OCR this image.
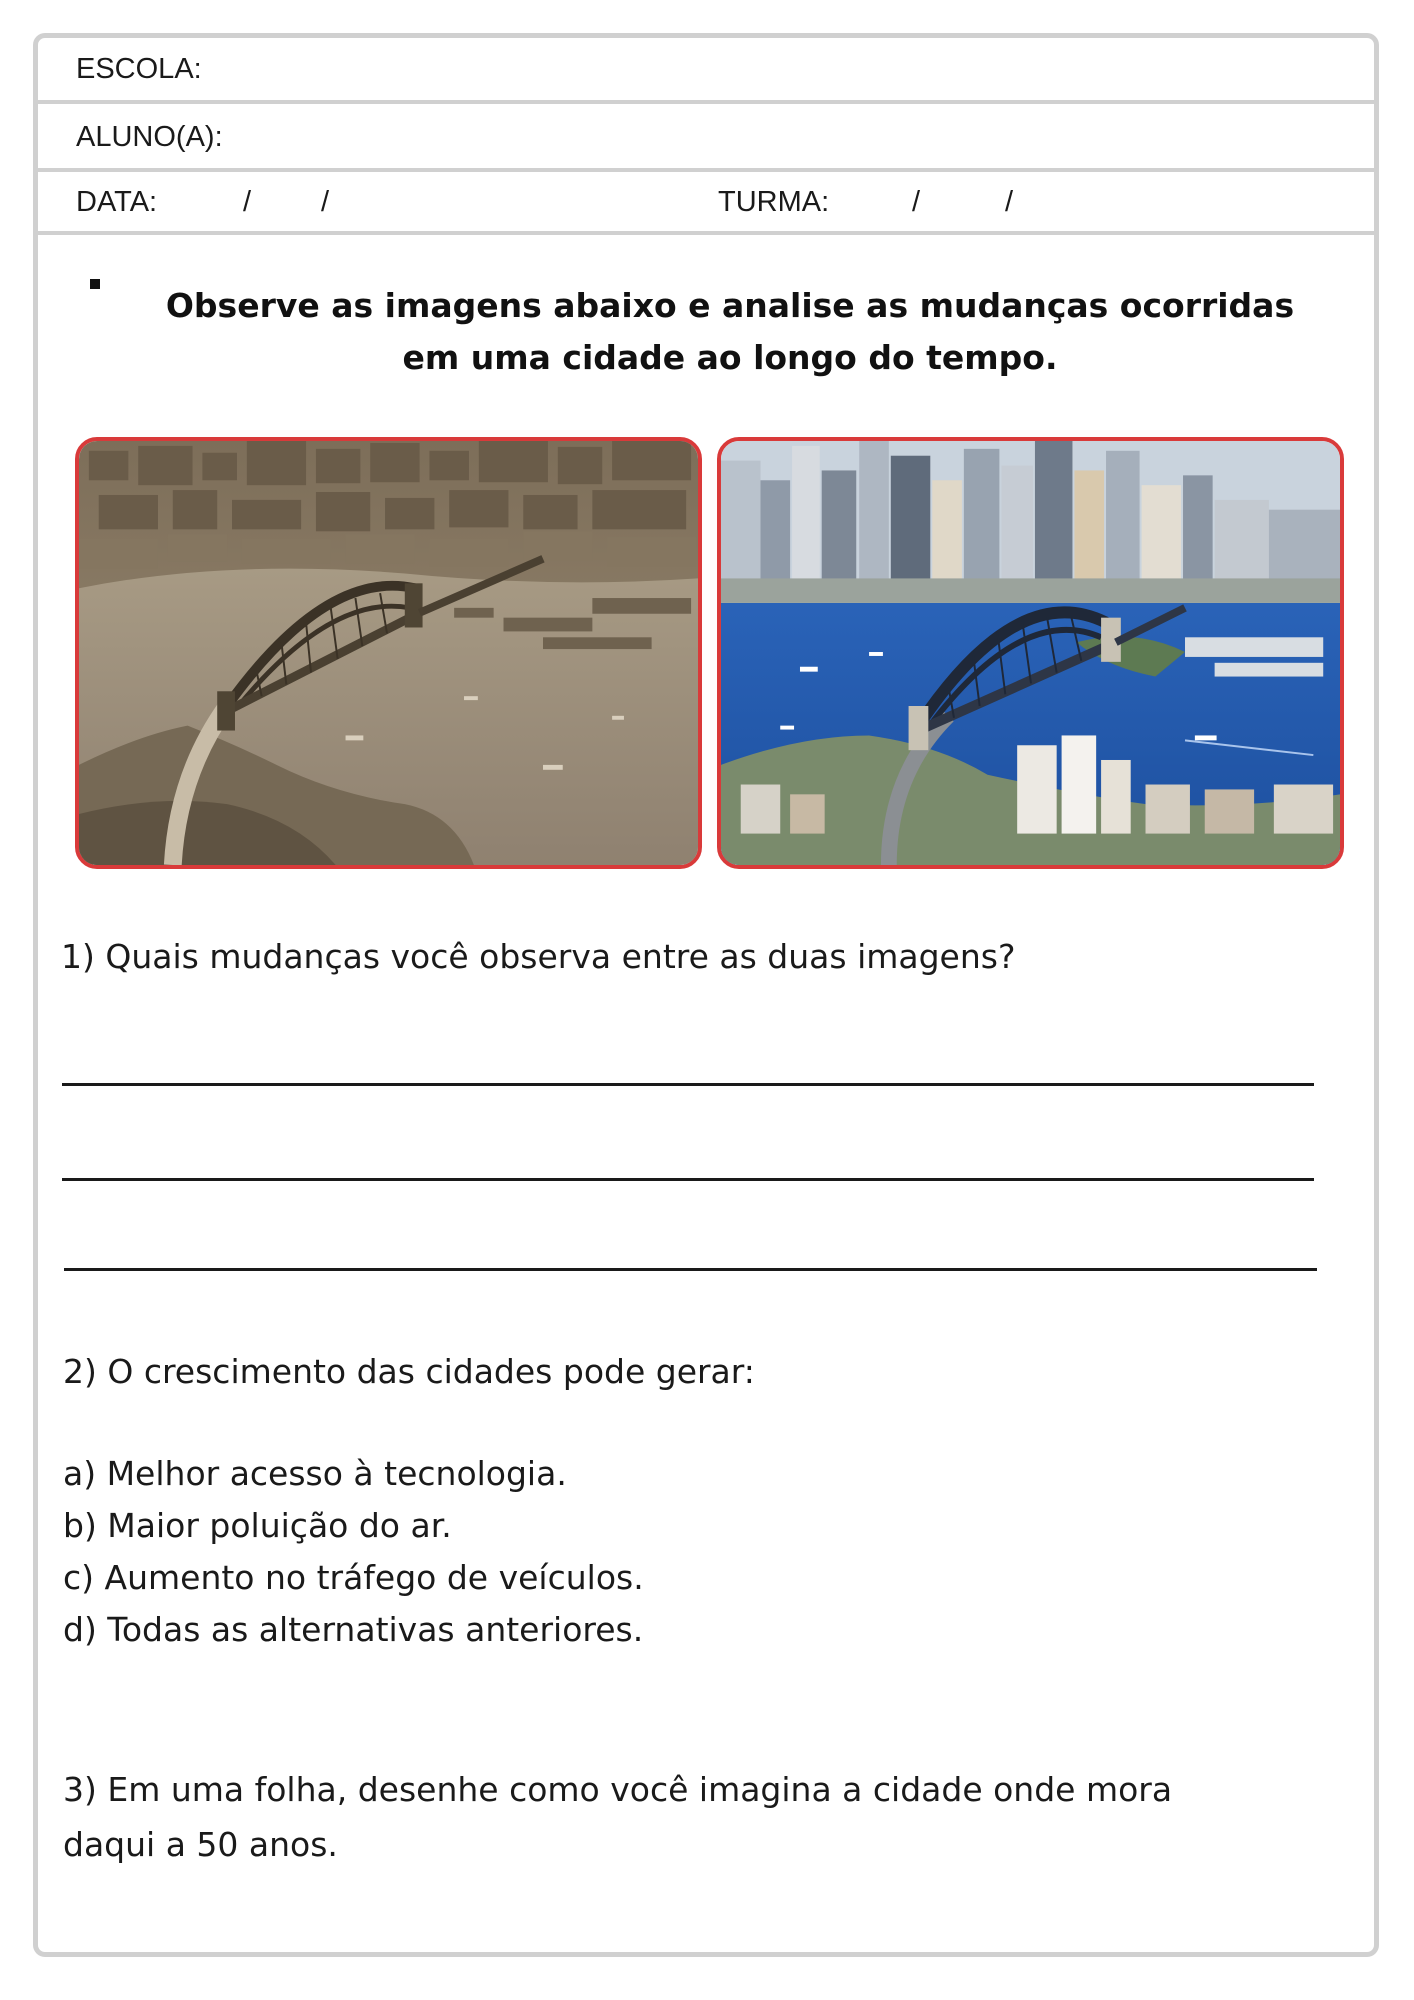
ESCOLA:
ALUNO(A):
DATA:	/ /	TURMA:	/	/
Observe as imagens abaixo e analise as mudanças ocorridas
em uma cidade ao longo do tempo.
1) Quais mudanças você observa entre as duas imagens?
2) O crescimento das cidades pode gerar:
a) Melhor acesso à tecnologia.
b) Maior poluição do ar.
c) Aumento no tráfego de veículos.
d) Todas as alternativas anteriores.
3) Em uma folha, desenhe como você imagina a cidade onde mora
daqui a 50 anos.
